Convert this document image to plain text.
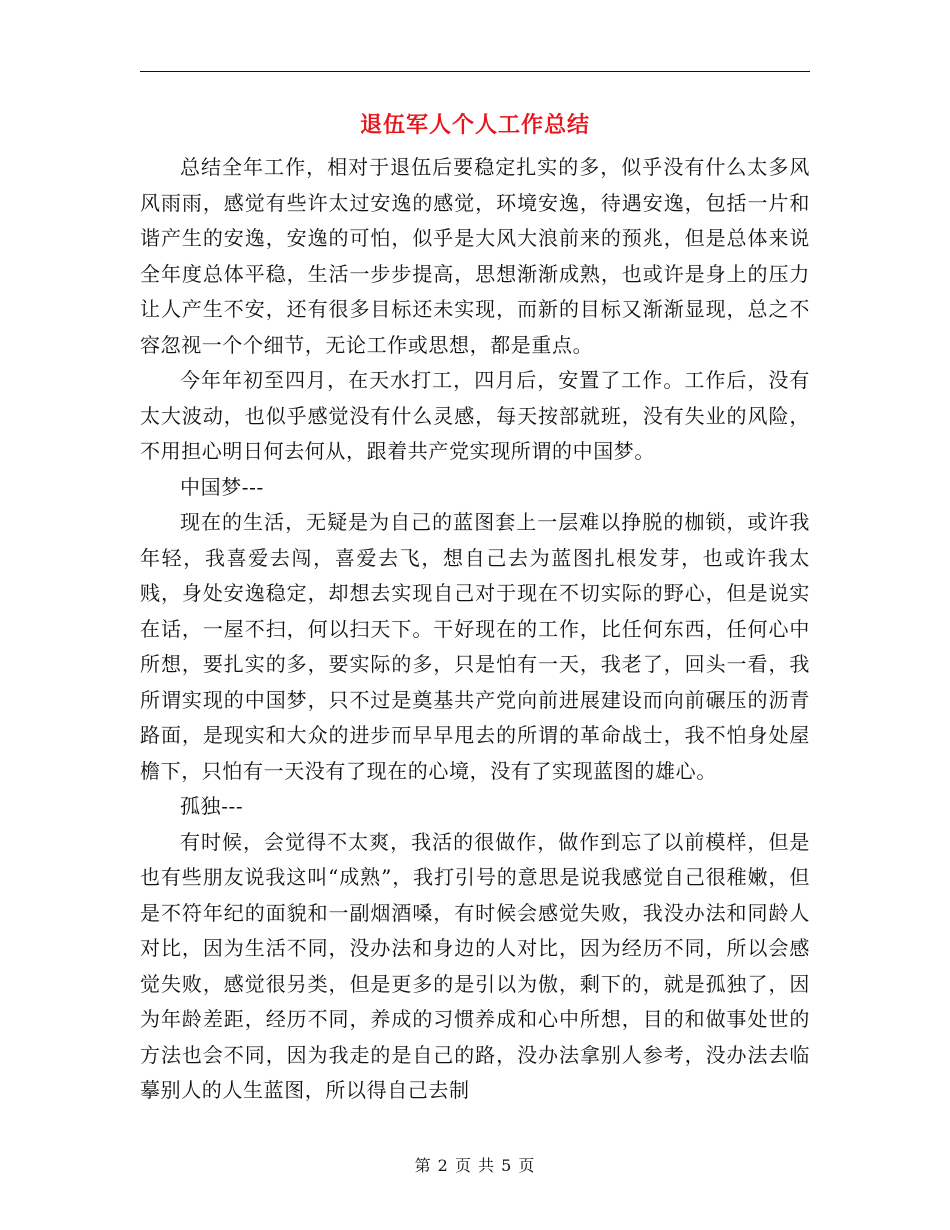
退伍军人个人工作总结

总结全年工作，相对于退伍后要稳定扎实的多，似乎没有什么太多风风雨雨，感觉有些许太过安逸的感觉，环境安逸，待遇安逸，包括一片和谐产生的安逸，安逸的可怕，似乎是大风大浪前来的预兆，但是总体来说全年度总体平稳，生活一步步提高，思想渐渐成熟，也或许是身上的压力让人产生不安，还有很多目标还未实现，而新的目标又渐渐显现，总之不容忽视一个个细节，无论工作或思想，都是重点。

今年年初至四月，在天水打工，四月后，安置了工作。工作后，没有太大波动，也似乎感觉没有什么灵感，每天按部就班，没有失业的风险，不用担心明日何去何从，跟着共产党实现所谓的中国梦。

中国梦---

现在的生活，无疑是为自己的蓝图套上一层难以挣脱的枷锁，或许我年轻，我喜爱去闯，喜爱去飞，想自己去为蓝图扎根发芽，也或许我太贱，身处安逸稳定，却想去实现自己对于现在不切实际的野心，但是说实在话，一屋不扫，何以扫天下。干好现在的工作，比任何东西，任何心中所想，要扎实的多，要实际的多，只是怕有一天，我老了，回头一看，我所谓实现的中国梦，只不过是奠基共产党向前进展建设而向前碾压的沥青路面，是现实和大众的进步而早早甩去的所谓的革命战士，我不怕身处屋檐下，只怕有一天没有了现在的心境，没有了实现蓝图的雄心。

孤独---

有时候，会觉得不太爽，我活的很做作，做作到忘了以前模样，但是也有些朋友说我这叫“成熟”，我打引号的意思是说我感觉自己很稚嫩，但是不符年纪的面貌和一副烟酒嗓，有时候会感觉失败，我没办法和同龄人对比，因为生活不同，没办法和身边的人对比，因为经历不同，所以会感觉失败，感觉很另类，但是更多的是引以为傲，剩下的，就是孤独了，因为年龄差距，经历不同，养成的习惯养成和心中所想，目的和做事处世的方法也会不同，因为我走的是自己的路，没办法拿别人参考，没办法去临摹别人的人生蓝图，所以得自己去制

第 2 页 共 5 页
